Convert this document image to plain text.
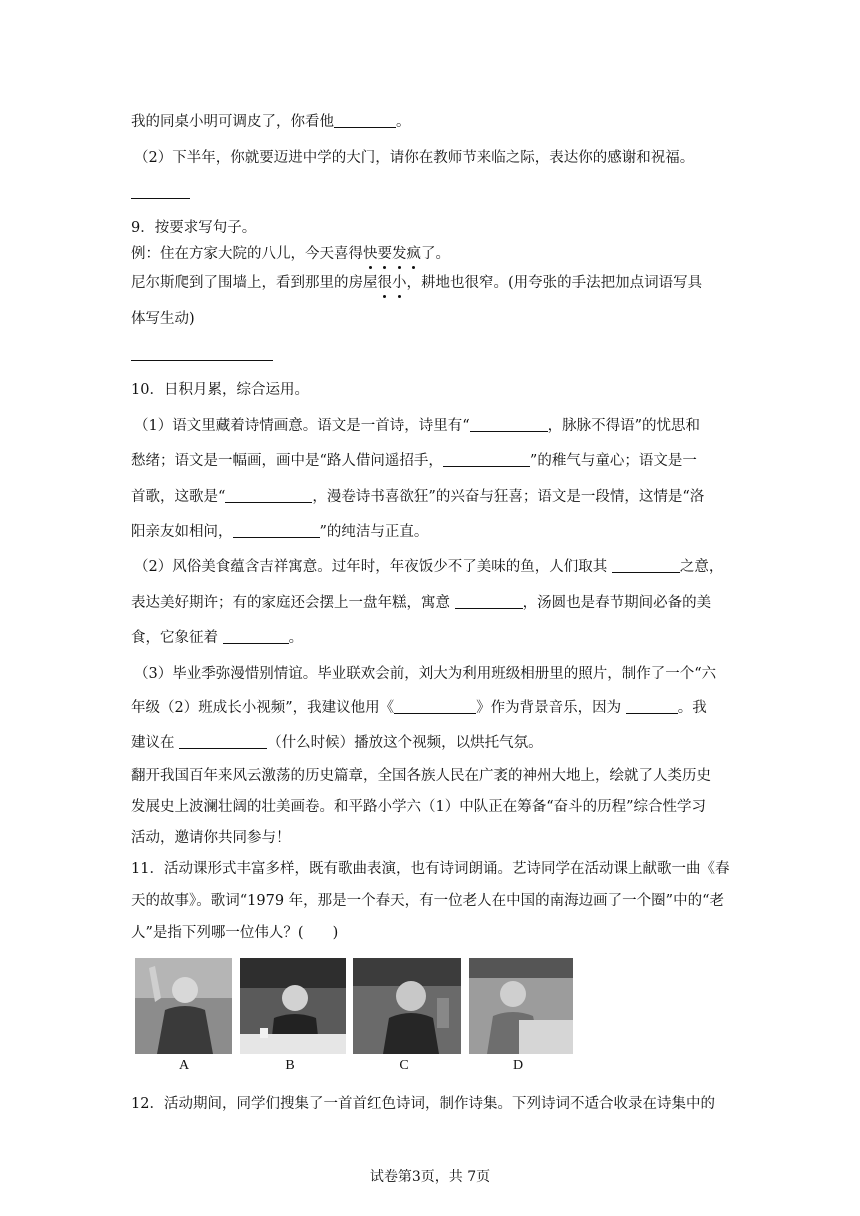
我的同桌小明可调皮了，你看他	。
（2）下半年，你就要迈进中学的大门，请你在教师节来临之际，表达你的感谢和祝福。
9．按要求写句子。
例：住在方家大院的八儿，今天喜得快要发疯了。
尼尔斯爬到了围墙上，看到那里的房屋很小，耕地也很窄。(用夸张的手法把加点词语写具
体写生动)
10．日积月累，综合运用。
（1）语文里藏着诗情画意。语文是一首诗，诗里有“	，脉脉不得语”的忧思和
愁绪；语文是一幅画，画中是“路人借问遥招手，	”的稚气与童心；语文是一
首歌，这歌是“	，漫卷诗书喜欲狂”的兴奋与狂喜；语文是一段情，这情是“洛
阳亲友如相问，	”的纯洁与正直。
（2）风俗美食蕴含吉祥寓意。过年时，年夜饭少不了美味的鱼，人们取其	之意，
表达美好期许；有的家庭还会摆上一盘年糕，寓意	，汤圆也是春节期间必备的美
食，它象征着	。
（3）毕业季弥漫惜别情谊。毕业联欢会前，刘大为利用班级相册里的照片，制作了一个“六
年级（2）班成长小视频”，我建议他用《	》作为背景音乐，因为	。我
建议在	（什么时候）播放这个视频，以烘托气氛。
翻开我国百年来风云激荡的历史篇章，全国各族人民在广袤的神州大地上，绘就了人类历史
发展史上波澜壮阔的壮美画卷。和平路小学六（1）中队正在筹备“奋斗的历程”综合性学习
活动，邀请你共同参与！
11．活动课形式丰富多样，既有歌曲表演，也有诗词朗诵。艺诗同学在活动课上献歌一曲《春
天的故事》。歌词“1979 年，那是一个春天，有一位老人在中国的南海边画了一个圈”中的“老
人”是指下列哪一位伟人？(　　)
A	B	C	D
12．活动期间，同学们搜集了一首首红色诗词，制作诗集。下列诗词不适合收录在诗集中的
试卷第3页，共 7页
